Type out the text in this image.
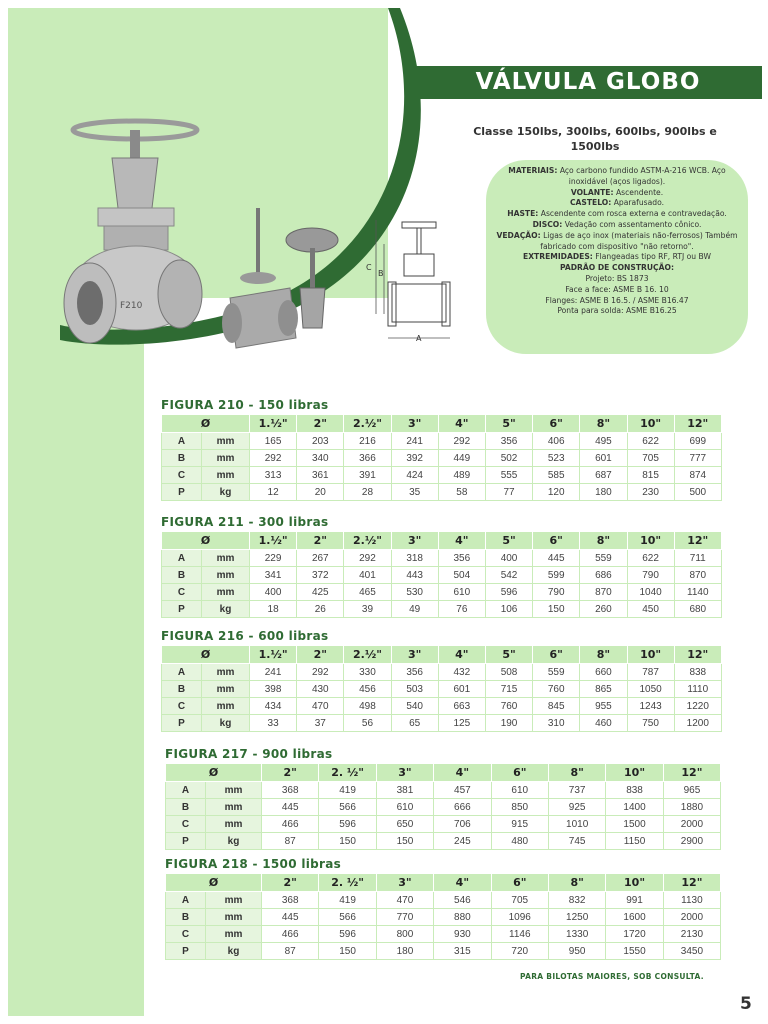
VÁLVULA GLOBO
Classe 150lbs, 300lbs, 600lbs, 900lbs e 1500lbs
MATERIAIS: Aço carbono fundido ASTM-A-216 WCB. Aço inoxidável (aços ligados).
VOLANTE: Ascendente.
CASTELO: Aparafusado.
HASTE: Ascendente com rosca externa e contravedação.
DISCO: Vedação com assentamento cônico.
VEDAÇÃO: Ligas de aço inox (materiais não-ferrosos) Também fabricado com dispositivo "não retorno".
EXTREMIDADES: Flangeadas tipo RF, RTJ ou BW
PADRÃO DE CONSTRUÇÃO:
Projeto: BS 1873
Face a face: ASME B 16. 10
Flanges: ASME B 16.5. / ASME B16.47
Ponta para solda: ASME B16.25
F210
C
B
A
FIGURA 210 - 150 libras
Ø		1.½"	2"	2.½"	3"	4"	5"	6"	8"	10"	12"
A	mm	165	203	216	241	292	356	406	495	622	699
B	mm	292	340	366	392	449	502	523	601	705	777
C	mm	313	361	391	424	489	555	585	687	815	874
P	kg	12	20	28	35	58	77	120	180	230	500
FIGURA 211 - 300 libras
Ø		1.½"	2"	2.½"	3"	4"	5"	6"	8"	10"	12"
A	mm	229	267	292	318	356	400	445	559	622	711
B	mm	341	372	401	443	504	542	599	686	790	870
C	mm	400	425	465	530	610	596	790	870	1040	1140
P	kg	18	26	39	49	76	106	150	260	450	680
FIGURA 216 - 600 libras
Ø		1.½"	2"	2.½"	3"	4"	5"	6"	8"	10"	12"
A	mm	241	292	330	356	432	508	559	660	787	838
B	mm	398	430	456	503	601	715	760	865	1050	1110
C	mm	434	470	498	540	663	760	845	955	1243	1220
P	kg	33	37	56	65	125	190	310	460	750	1200
FIGURA 217 - 900 libras
Ø		2"	2. ½"	3"	4"	6"	8"	10"	12"
A	mm	368	419	381	457	610	737	838	965
B	mm	445	566	610	666	850	925	1400	1880
C	mm	466	596	650	706	915	1010	1500	2000
P	kg	87	150	150	245	480	745	1150	2900
FIGURA 218 - 1500 libras
Ø		2"	2. ½"	3"	4"	6"	8"	10"	12"
A	mm	368	419	470	546	705	832	991	1130
B	mm	445	566	770	880	1096	1250	1600	2000
C	mm	466	596	800	930	1146	1330	1720	2130
P	kg	87	150	180	315	720	950	1550	3450
PARA BILOTAS MAIORES, SOB CONSULTA.
5
